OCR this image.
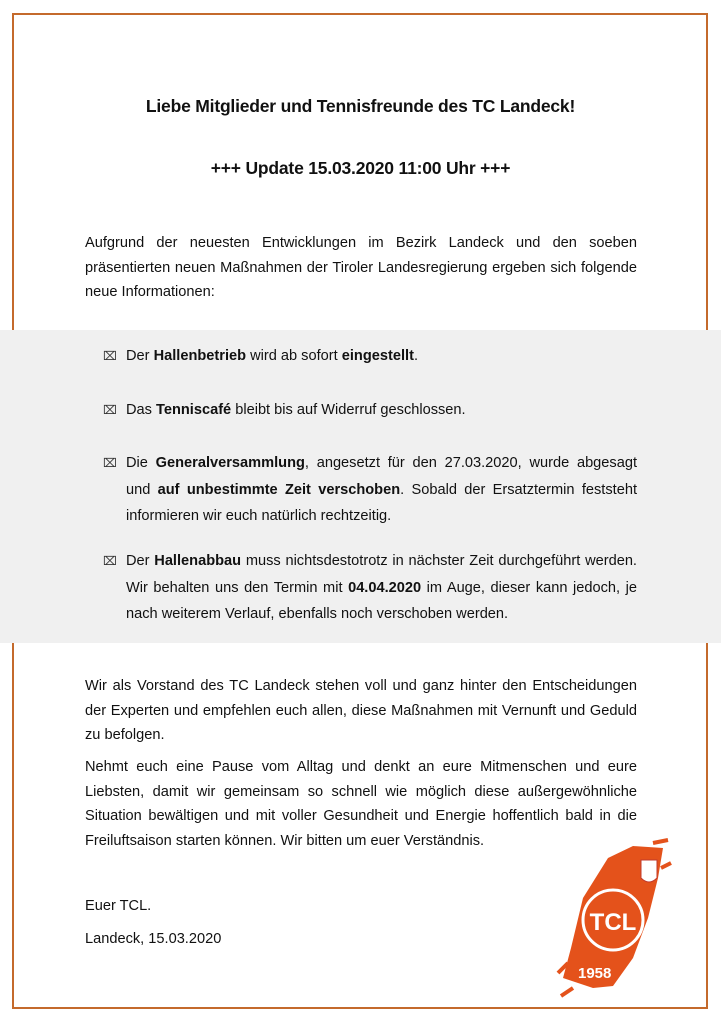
Liebe Mitglieder und Tennisfreunde des TC Landeck!
+++ Update 15.03.2020 11:00 Uhr +++
Aufgrund der neuesten Entwicklungen im Bezirk Landeck und den soeben präsentierten neuen Maßnahmen der Tiroler Landesregierung ergeben sich folgende neue Informationen:
⌧ Der Hallenbetrieb wird ab sofort eingestellt.
⌧ Das Tenniscafé bleibt bis auf Widerruf geschlossen.
⌧ Die Generalversammlung, angesetzt für den 27.03.2020, wurde abgesagt und auf unbestimmte Zeit verschoben. Sobald der Ersatztermin feststeht informieren wir euch natürlich rechtzeitig.
⌧ Der Hallenabbau muss nichtsdestotrotz in nächster Zeit durchgeführt werden. Wir behalten uns den Termin mit 04.04.2020 im Auge, dieser kann jedoch, je nach weiterem Verlauf, ebenfalls noch verschoben werden.
Wir als Vorstand des TC Landeck stehen voll und ganz hinter den Entscheidungen der Experten und empfehlen euch allen, diese Maßnahmen mit Vernunft und Geduld zu befolgen.
Nehmt euch eine Pause vom Alltag und denkt an eure Mitmenschen und eure Liebsten, damit wir gemeinsam so schnell wie möglich diese außergewöhnliche Situation bewältigen und mit voller Gesundheit und Energie hoffentlich bald in die Freiluftsaison starten können. Wir bitten um euer Verständnis.
Euer TCL.
Landeck, 15.03.2020
TCL
1958
